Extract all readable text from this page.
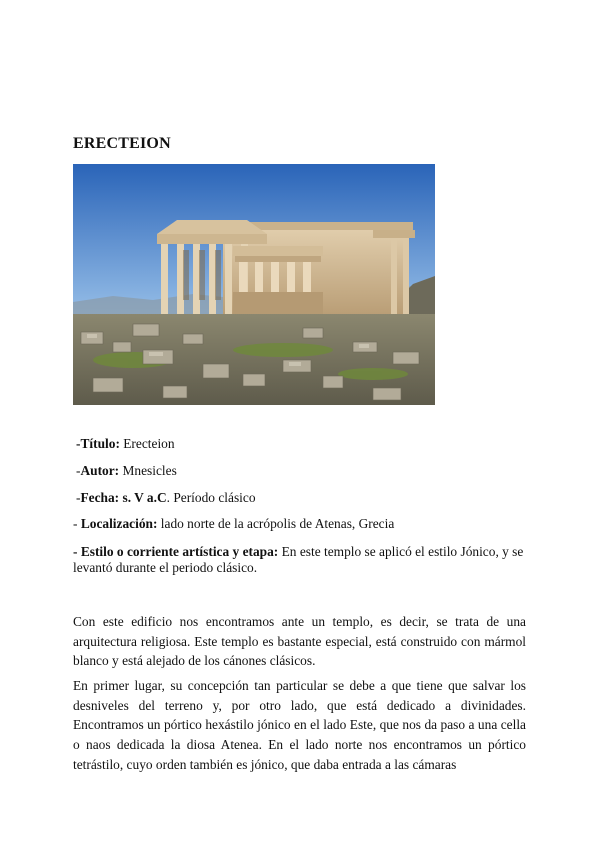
ERECTEION
-Título: Erecteion
-Autor: Mnesicles
-Fecha: s. V a.C. Período clásico
- Localización: lado norte de la acrópolis de Atenas, Grecia
- Estilo o corriente artística y etapa: En este templo se aplicó el estilo Jónico, y se levantó durante el periodo clásico.

Con este edificio nos encontramos ante un templo, es decir, se trata de una arquitectura religiosa. Este templo es bastante especial, está construido con mármol blanco y está alejado de los cánones clásicos.

En primer lugar, su concepción tan particular se debe a que tiene que salvar los desniveles del terreno y, por otro lado, que está dedicado a divinidades. Encontramos un pórtico hexástilo jónico en el lado Este, que nos da paso a una cella o naos dedicada la diosa Atenea. En el lado norte nos encontramos un pórtico tetrástilo, cuyo orden también es jónico, que daba entrada a las cámaras
